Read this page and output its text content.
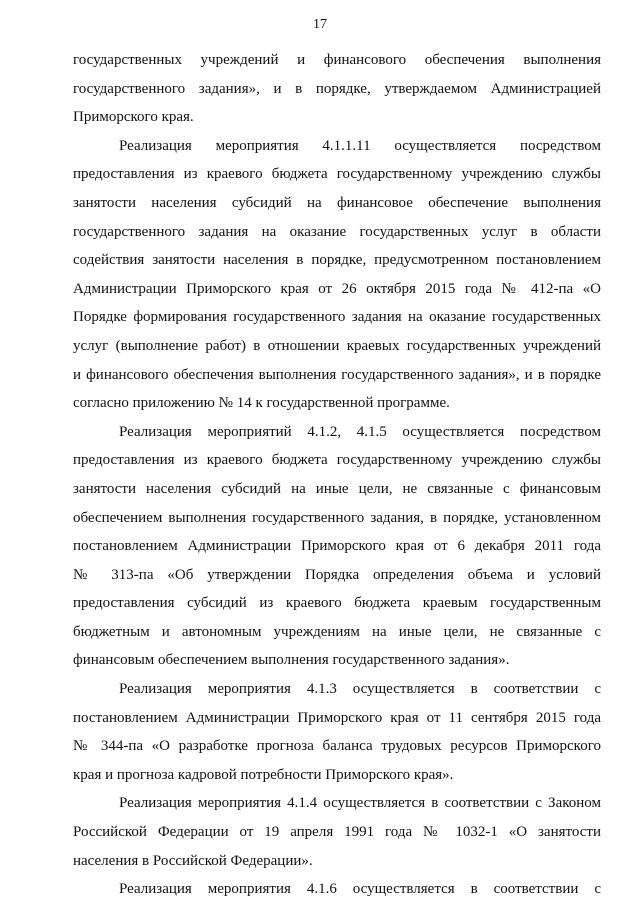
17

государственных учреждений и финансового обеспечения выполнения
государственного задания», и в порядке, утверждаемом Администрацией
Приморского края.

Реализация мероприятия 4.1.1.11 осуществляется посредством
предоставления из краевого бюджета государственному учреждению службы
занятости населения субсидий на финансовое обеспечение выполнения
государственного задания на оказание государственных услуг в области
содействия занятости населения в порядке, предусмотренном постановлением
Администрации Приморского края от 26 октября 2015 года № 412-па «О
Порядке формирования государственного задания на оказание государственных
услуг (выполнение работ) в отношении краевых государственных учреждений
и финансового обеспечения выполнения государственного задания», и в порядке
согласно приложению № 14 к государственной программе.

Реализация мероприятий 4.1.2, 4.1.5 осуществляется посредством
предоставления из краевого бюджета государственному учреждению службы
занятости населения субсидий на иные цели, не связанные с финансовым
обеспечением выполнения государственного задания, в порядке, установленном
постановлением Администрации Приморского края от 6 декабря 2011 года
№ 313-па «Об утверждении Порядка определения объема и условий
предоставления субсидий из краевого бюджета краевым государственным
бюджетным и автономным учреждениям на иные цели, не связанные с
финансовым обеспечением выполнения государственного задания».

Реализация мероприятия 4.1.3 осуществляется в соответствии с
постановлением Администрации Приморского края от 11 сентября 2015 года
№ 344-па «О разработке прогноза баланса трудовых ресурсов Приморского
края и прогноза кадровой потребности Приморского края».

Реализация мероприятия 4.1.4 осуществляется в соответствии с Законом
Российской Федерации от 19 апреля 1991 года № 1032-1 «О занятости
населения в Российской Федерации».

Реализация мероприятия 4.1.6 осуществляется в соответствии с
